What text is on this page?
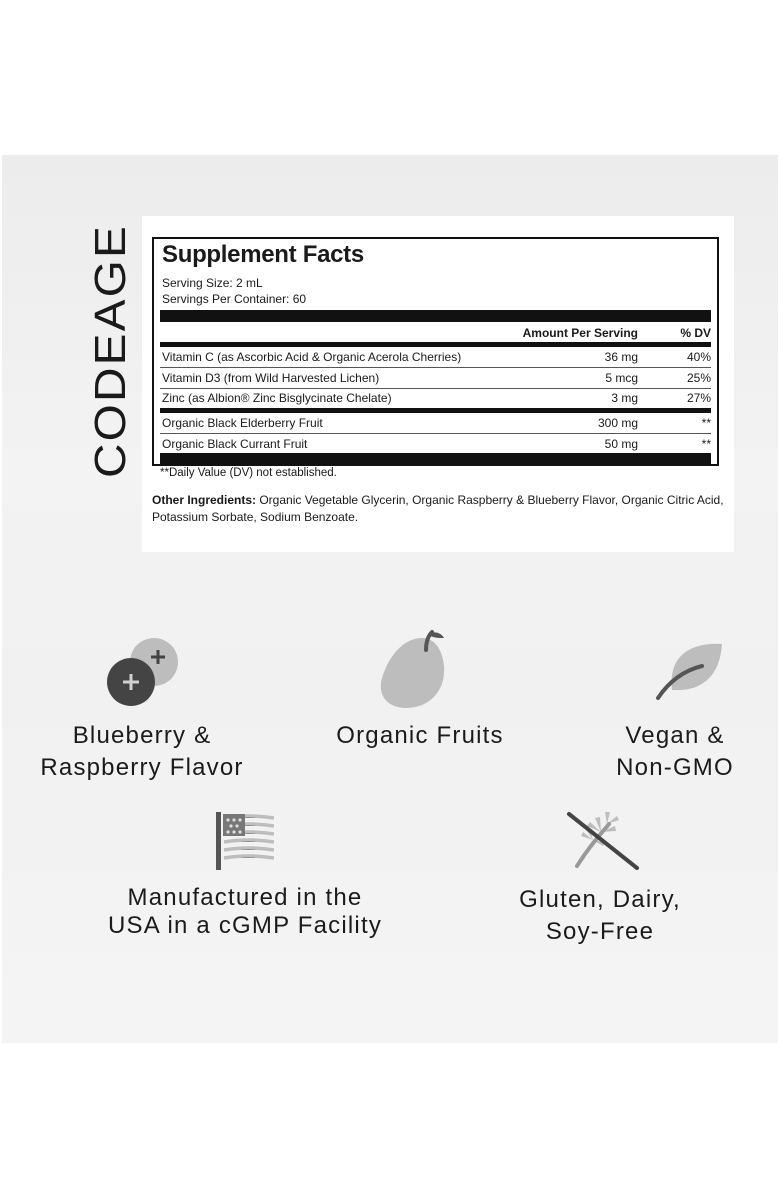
CODEAGE Supplement Facts
Serving Size: 2 mL
Servings Per Container: 60
Amount Per Serving	% DV
Vitamin C (as Ascorbic Acid & Organic Acerola Cherries)	36 mg	40%
Vitamin D3 (from Wild Harvested Lichen)	5 mcg	25%
Zinc (as Albion® Zinc Bisglycinate Chelate)	3 mg	27%
Organic Black Elderberry Fruit	300 mg	**
Organic Black Currant Fruit	50 mg	**
**Daily Value (DV) not established.
Other Ingredients: Organic Vegetable Glycerin, Organic Raspberry & Blueberry Flavor, Organic Citric Acid, Potassium Sorbate, Sodium Benzoate.
Blueberry &
Raspberry Flavor
Organic Fruits	Vegan &
Non-GMO
Manufactured in the
USA in a cGMP Facility
Gluten, Dairy,
Soy-Free
